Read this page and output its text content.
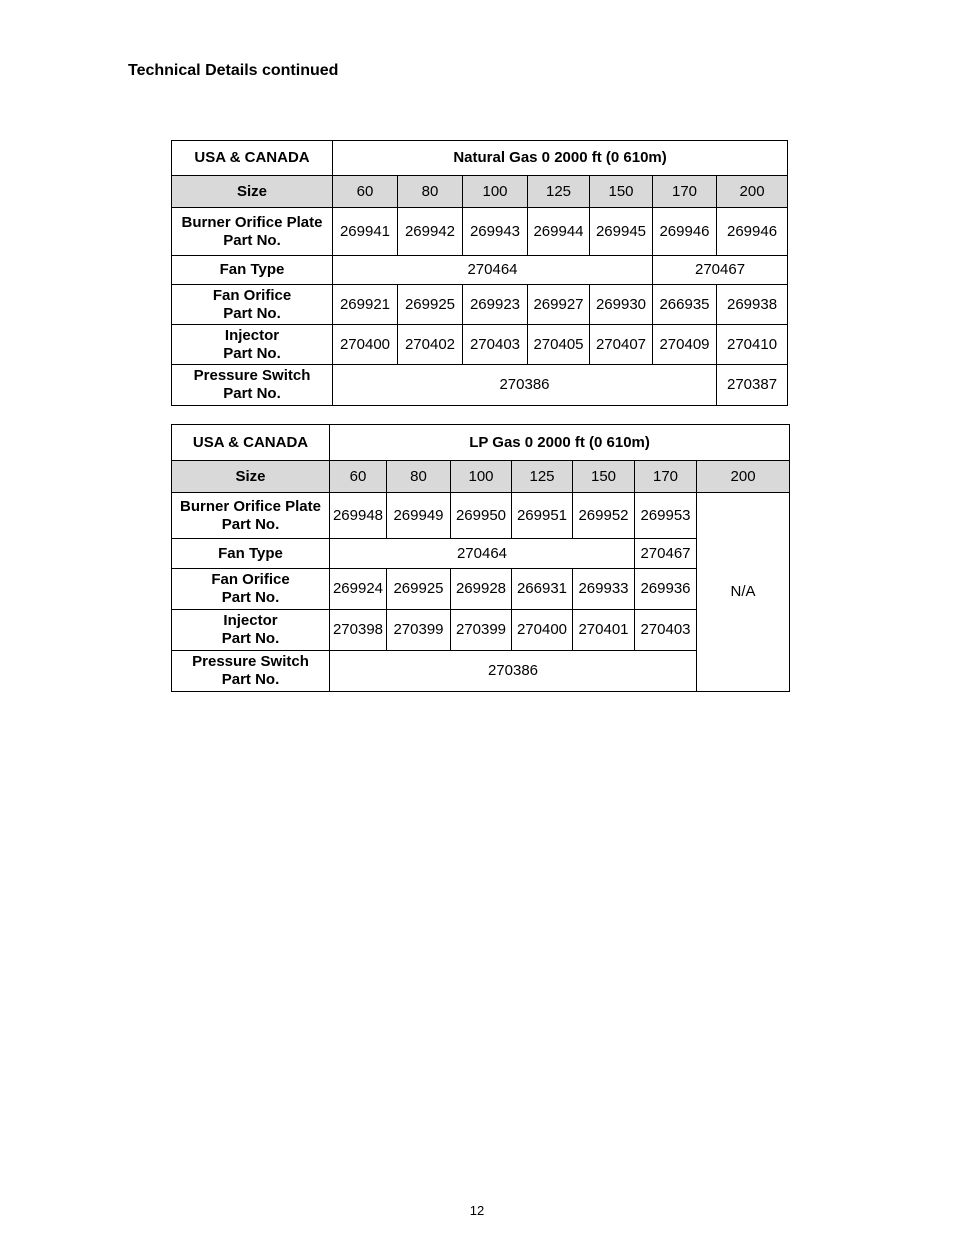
Technical Details continued
USA & CANADA	Natural Gas 0 2000 ft (0 610m)						
Size	60	80	100	125	150	170	200

Burner Orifice Plate
Part No.	269941	269942	269943	269944	269945	269946	269946
Fan Type	270464					270467	

Fan Orifice
Part No.	269921	269925	269923	269927	269930	266935	269938

Injector
Part No.	270400	270402	270403	270405	270407	270409	270410

Pressure Switch
Part No.	270386						270387
USA & CANADA	LP Gas 0 2000 ft (0 610m)						
Size	60	80	100	125	150	170	200

Burner Orifice Plate
Part No.	269948	269949	269950	269951	269952	269953	N/A
Fan Type	270464					270467	

Fan Orifice
Part No.	269924	269925	269928	266931	269933	269936	

Injector
Part No.	270398	270399	270399	270400	270401	270403	

Pressure Switch
Part No.	270386						
12
